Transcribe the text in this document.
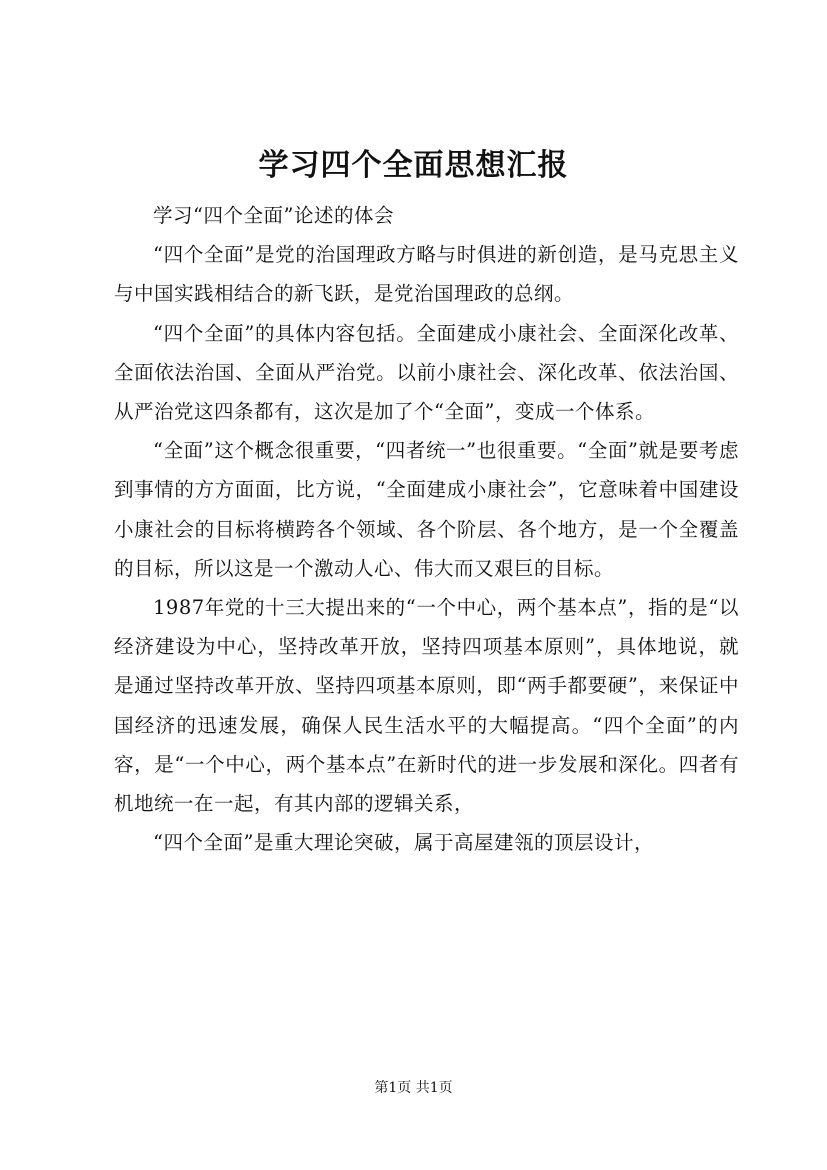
学习四个全面思想汇报

学习“四个全面”论述的体会

“四个全面”是党的治国理政方略与时俱进的新创造，是马克思主义与中国实践相结合的新飞跃，是党治国理政的总纲。

“四个全面”的具体内容包括。全面建成小康社会、全面深化改革、全面依法治国、全面从严治党。以前小康社会、深化改革、依法治国、从严治党这四条都有，这次是加了个“全面”，变成一个体系。

“全面”这个概念很重要，“四者统一”也很重要。“全面”就是要考虑到事情的方方面面，比方说，“全面建成小康社会”，它意味着中国建设小康社会的目标将横跨各个领域、各个阶层、各个地方，是一个全覆盖的目标，所以这是一个激动人心、伟大而又艰巨的目标。

1987年党的十三大提出来的“一个中心，两个基本点”，指的是“以经济建设为中心，坚持改革开放，坚持四项基本原则”，具体地说，就是通过坚持改革开放、坚持四项基本原则，即“两手都要硬”，来保证中国经济的迅速发展，确保人民生活水平的大幅提高。“四个全面”的内容，是“一个中心，两个基本点”在新时代的进一步发展和深化。四者有机地统一在一起，有其内部的逻辑关系，

“四个全面”是重大理论突破，属于高屋建瓴的顶层设计，

第1页 共1页
